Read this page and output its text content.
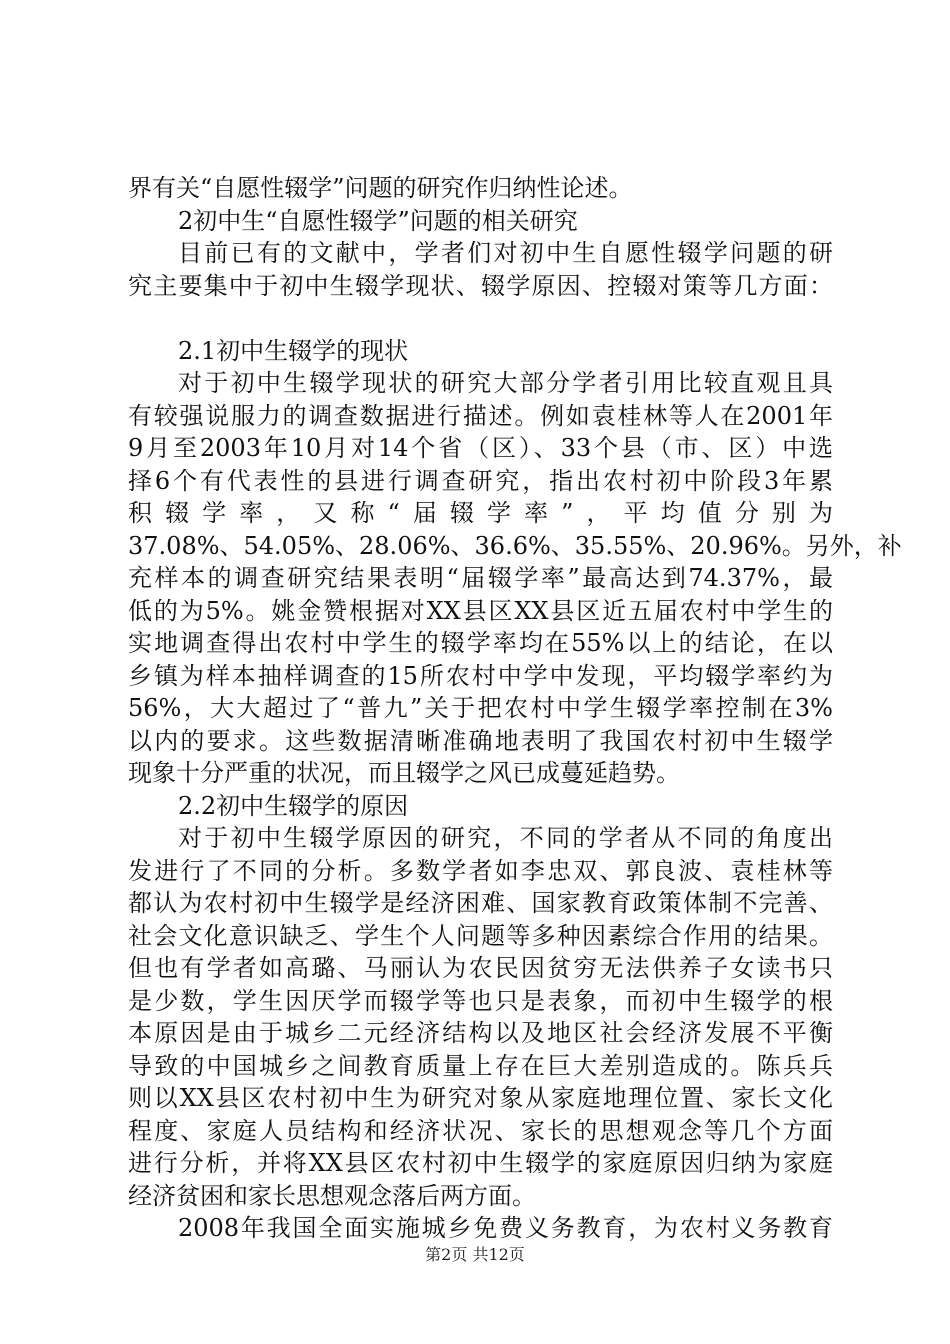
界有关“自愿性辍学”问题的研究作归纳性论述。
2初中生“自愿性辍学”问题的相关研究
目前已有的文献中，学者们对初中生自愿性辍学问题的研
究主要集中于初中生辍学现状、辍学原因、控辍对策等几方面：
2.1初中生辍学的现状
对于初中生辍学现状的研究大部分学者引用比较直观且具
有较强说服力的调查数据进行描述。例如袁桂林等人在2001年
9月至2003年10月对14个省（区）、33个县（市、区）中选
择6个有代表性的县进行调查研究，指出农村初中阶段3年累
积辍学率，又称“届辍学率”，平均值分别为
37.08%、54.05%、28.06%、36.6%、35.55%、20.96%。另外，补
充样本的调查研究结果表明“届辍学率”最高达到74.37%，最
低的为5%。姚金赞根据对XX县区XX县区近五届农村中学生的
实地调查得出农村中学生的辍学率均在55%以上的结论，在以
乡镇为样本抽样调查的15所农村中学中发现，平均辍学率约为
56%，大大超过了“普九”关于把农村中学生辍学率控制在3%
以内的要求。这些数据清晰准确地表明了我国农村初中生辍学
现象十分严重的状况，而且辍学之风已成蔓延趋势。
2.2初中生辍学的原因
对于初中生辍学原因的研究，不同的学者从不同的角度出
发进行了不同的分析。多数学者如李忠双、郭良波、袁桂林等
都认为农村初中生辍学是经济困难、国家教育政策体制不完善、
社会文化意识缺乏、学生个人问题等多种因素综合作用的结果。
但也有学者如高璐、马丽认为农民因贫穷无法供养子女读书只
是少数，学生因厌学而辍学等也只是表象，而初中生辍学的根
本原因是由于城乡二元经济结构以及地区社会经济发展不平衡
导致的中国城乡之间教育质量上存在巨大差别造成的。陈兵兵
则以XX县区农村初中生为研究对象从家庭地理位置、家长文化
程度、家庭人员结构和经济状况、家长的思想观念等几个方面
进行分析，并将XX县区农村初中生辍学的家庭原因归纳为家庭
经济贫困和家长思想观念落后两方面。
2008年我国全面实施城乡免费义务教育，为农村义务教育
第2页 共12页
